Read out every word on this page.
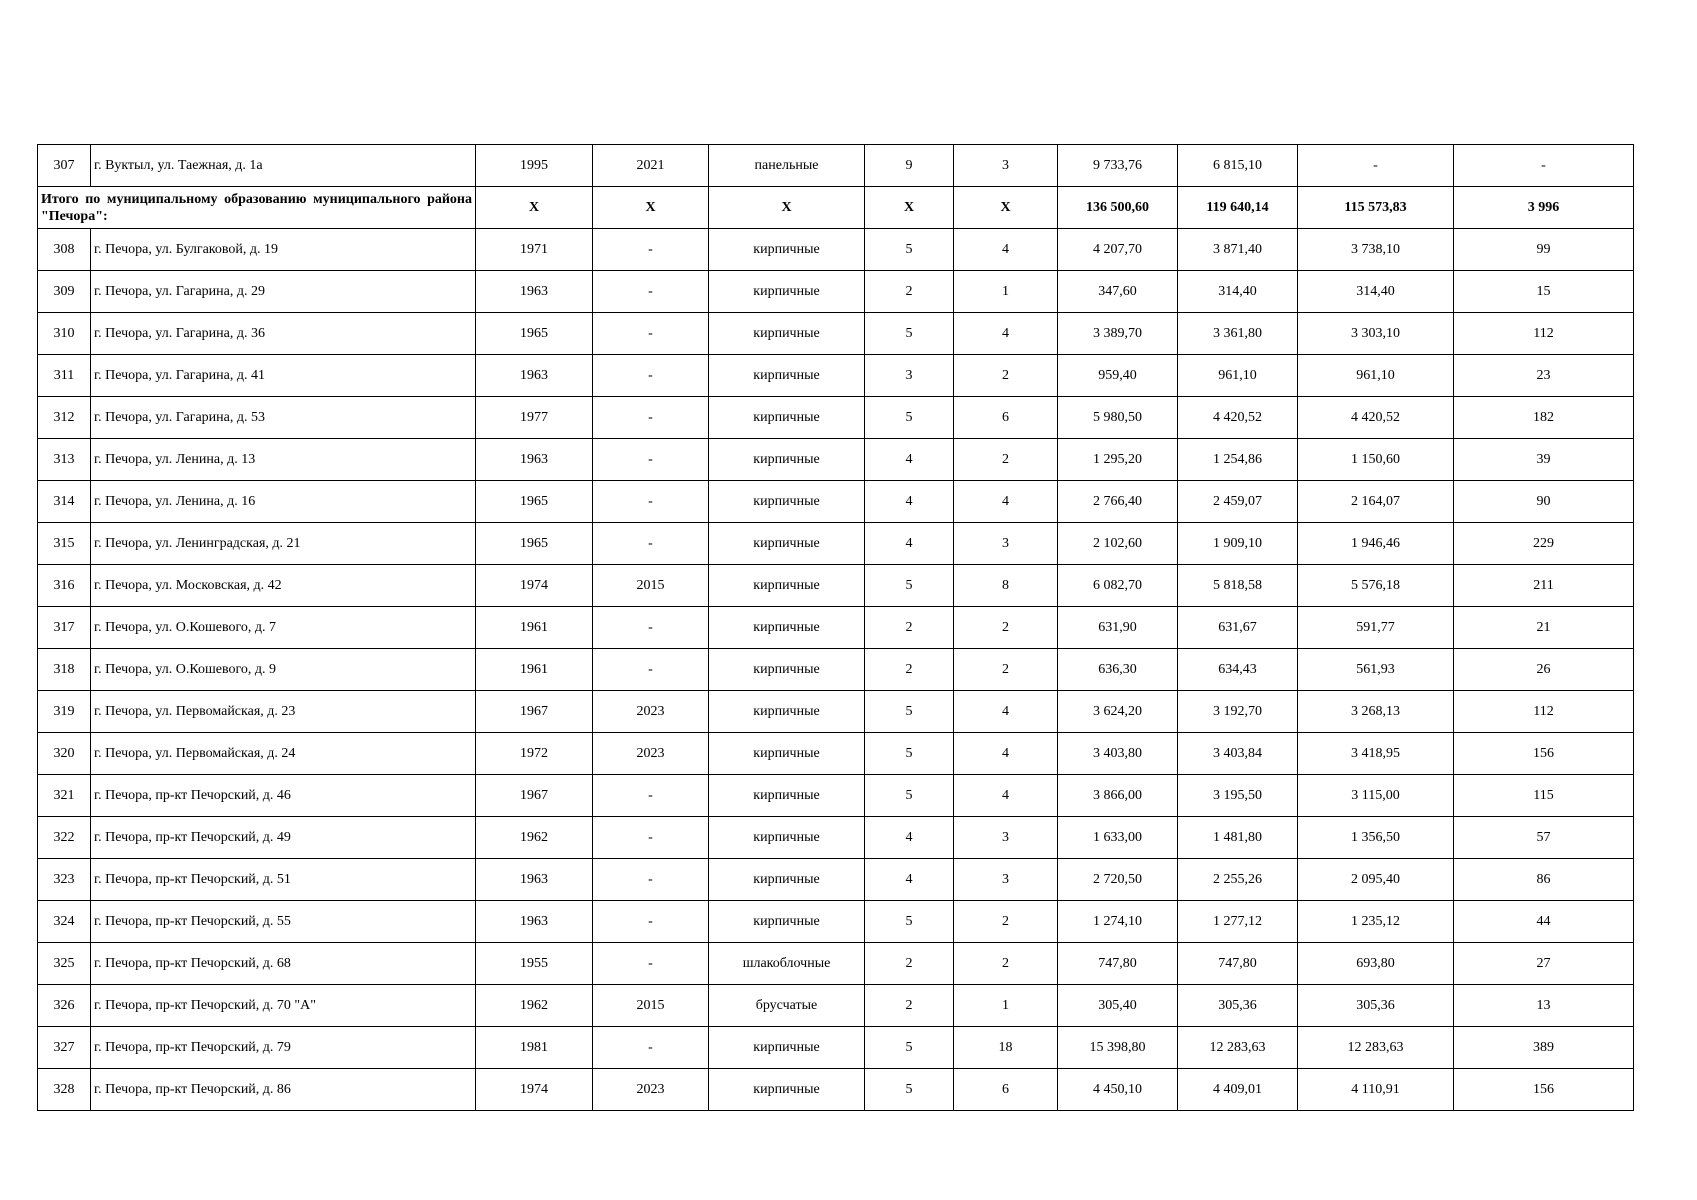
307	г. Вуктыл, ул. Таежная, д. 1а	1995	2021	панельные	9	3	9 733,76	6 815,10	-	-
Итого по муниципальному образованию муниципального района "Печора":		Х	Х	Х	Х	Х	136 500,60	119 640,14	115 573,83	3 996
308	г. Печора, ул. Булгаковой, д. 19	1971	-	кирпичные	5	4	4 207,70	3 871,40	3 738,10	99
309	г. Печора, ул. Гагарина, д. 29	1963	-	кирпичные	2	1	347,60	314,40	314,40	15
310	г. Печора, ул. Гагарина, д. 36	1965	-	кирпичные	5	4	3 389,70	3 361,80	3 303,10	112
311	г. Печора, ул. Гагарина, д. 41	1963	-	кирпичные	3	2	959,40	961,10	961,10	23
312	г. Печора, ул. Гагарина, д. 53	1977	-	кирпичные	5	6	5 980,50	4 420,52	4 420,52	182
313	г. Печора, ул. Ленина, д. 13	1963	-	кирпичные	4	2	1 295,20	1 254,86	1 150,60	39
314	г. Печора, ул. Ленина, д. 16	1965	-	кирпичные	4	4	2 766,40	2 459,07	2 164,07	90
315	г. Печора, ул. Ленинградская, д. 21	1965	-	кирпичные	4	3	2 102,60	1 909,10	1 946,46	229
316	г. Печора, ул. Московская, д. 42	1974	2015	кирпичные	5	8	6 082,70	5 818,58	5 576,18	211
317	г. Печора, ул. О.Кошевого, д. 7	1961	-	кирпичные	2	2	631,90	631,67	591,77	21
318	г. Печора, ул. О.Кошевого, д. 9	1961	-	кирпичные	2	2	636,30	634,43	561,93	26
319	г. Печора, ул. Первомайская, д. 23	1967	2023	кирпичные	5	4	3 624,20	3 192,70	3 268,13	112
320	г. Печора, ул. Первомайская, д. 24	1972	2023	кирпичные	5	4	3 403,80	3 403,84	3 418,95	156
321	г. Печора, пр-кт Печорский, д. 46	1967	-	кирпичные	5	4	3 866,00	3 195,50	3 115,00	115
322	г. Печора, пр-кт Печорский, д. 49	1962	-	кирпичные	4	3	1 633,00	1 481,80	1 356,50	57
323	г. Печора, пр-кт Печорский, д. 51	1963	-	кирпичные	4	3	2 720,50	2 255,26	2 095,40	86
324	г. Печора, пр-кт Печорский, д. 55	1963	-	кирпичные	5	2	1 274,10	1 277,12	1 235,12	44
325	г. Печора, пр-кт Печорский, д. 68	1955	-	шлакоблочные	2	2	747,80	747,80	693,80	27
326	г. Печора, пр-кт Печорский, д. 70 "А"	1962	2015	брусчатые	2	1	305,40	305,36	305,36	13
327	г. Печора, пр-кт Печорский, д. 79	1981	-	кирпичные	5	18	15 398,80	12 283,63	12 283,63	389
328	г. Печора, пр-кт Печорский, д. 86	1974	2023	кирпичные	5	6	4 450,10	4 409,01	4 110,91	156
